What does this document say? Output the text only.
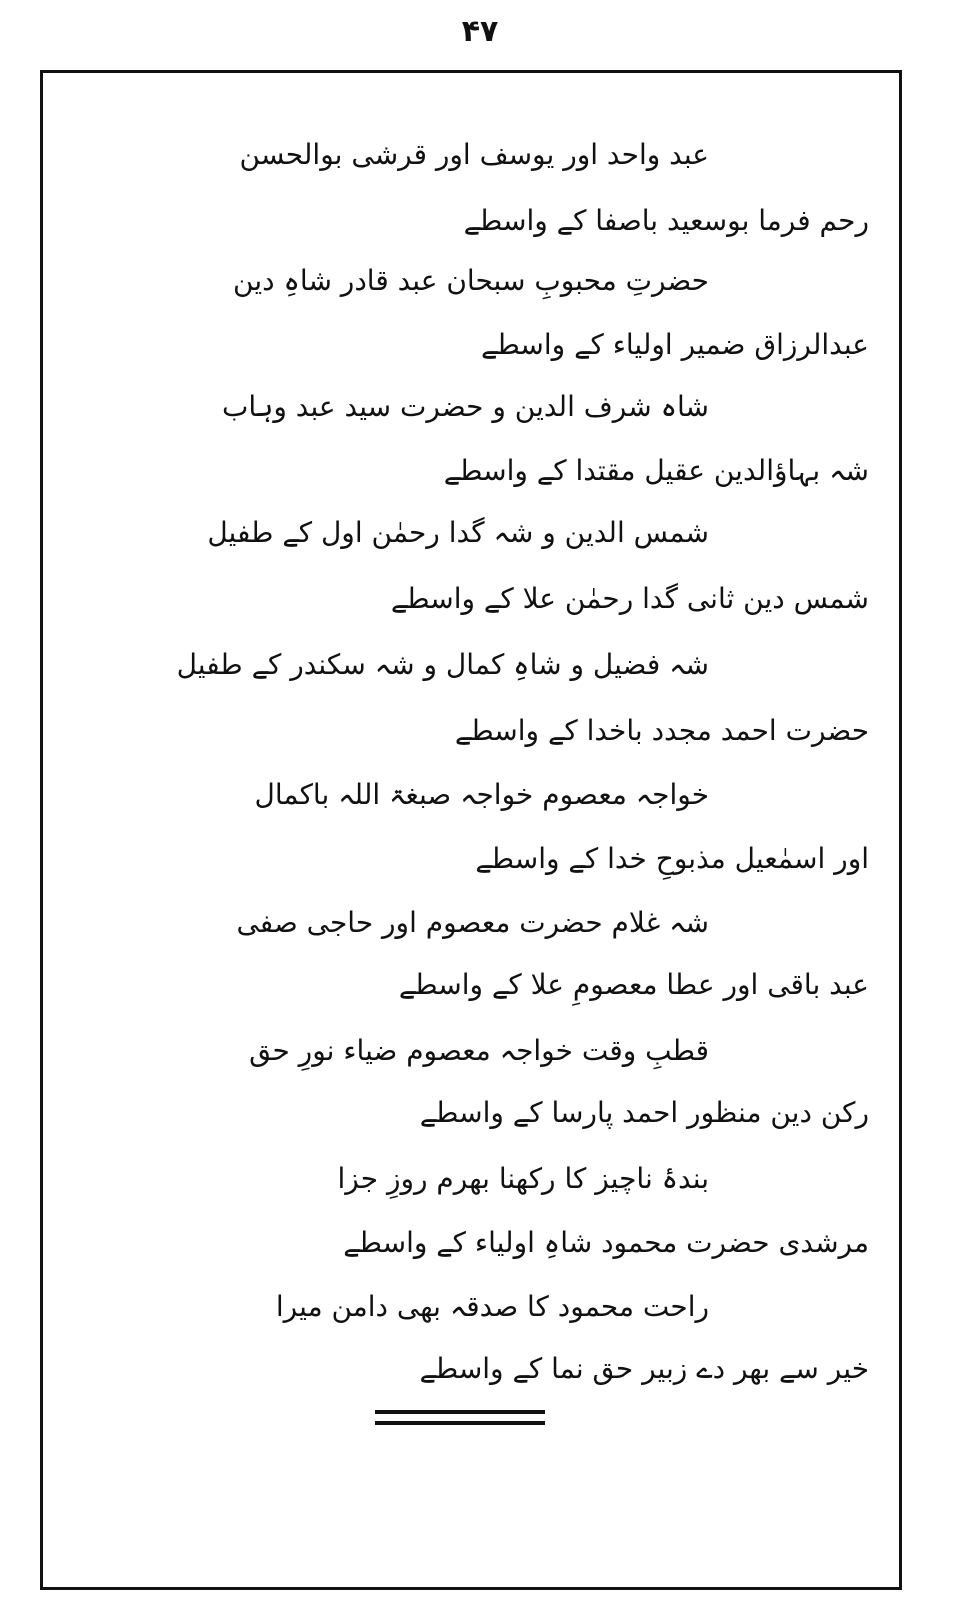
۴۷
عبد واحد اور یوسف اور قرشی بوالحسن
رحم فرما بوسعید باصفا کے واسطے
حضرتِ محبوبِ سبحان عبد قادر شاہِ دین
عبدالرزاق ضمیر اولیاء کے واسطے
شاہ شرف الدین و حضرت سید عبد وہاب
شہ بہاؤالدین عقیل مقتدا کے واسطے
شمس الدین و شہ گدا رحمٰن اول کے طفیل
شمس دین ثانی گدا رحمٰن علا کے واسطے
شہ فضیل و شاہِ کمال و شہ سکندر کے طفیل
حضرت احمد مجدد باخدا کے واسطے
خواجہ معصوم خواجہ صبغۃ اللہ باکمال
اور اسمٰعیل مذبوحِ خدا کے واسطے
شہ غلام حضرت معصوم اور حاجی صفی
عبد باقی اور عطا معصومِ علا کے واسطے
قطبِ وقت خواجہ معصوم ضیاء نورِ حق
رکن دین منظور احمد پارسا کے واسطے
بندۂ ناچیز کا رکھنا بھرم روزِ جزا
مرشدی حضرت محمود شاہِ اولیاء کے واسطے
راحت محمود کا صدقہ بھی دامن میرا
خیر سے بھر دے زبیر حق نما کے واسطے
